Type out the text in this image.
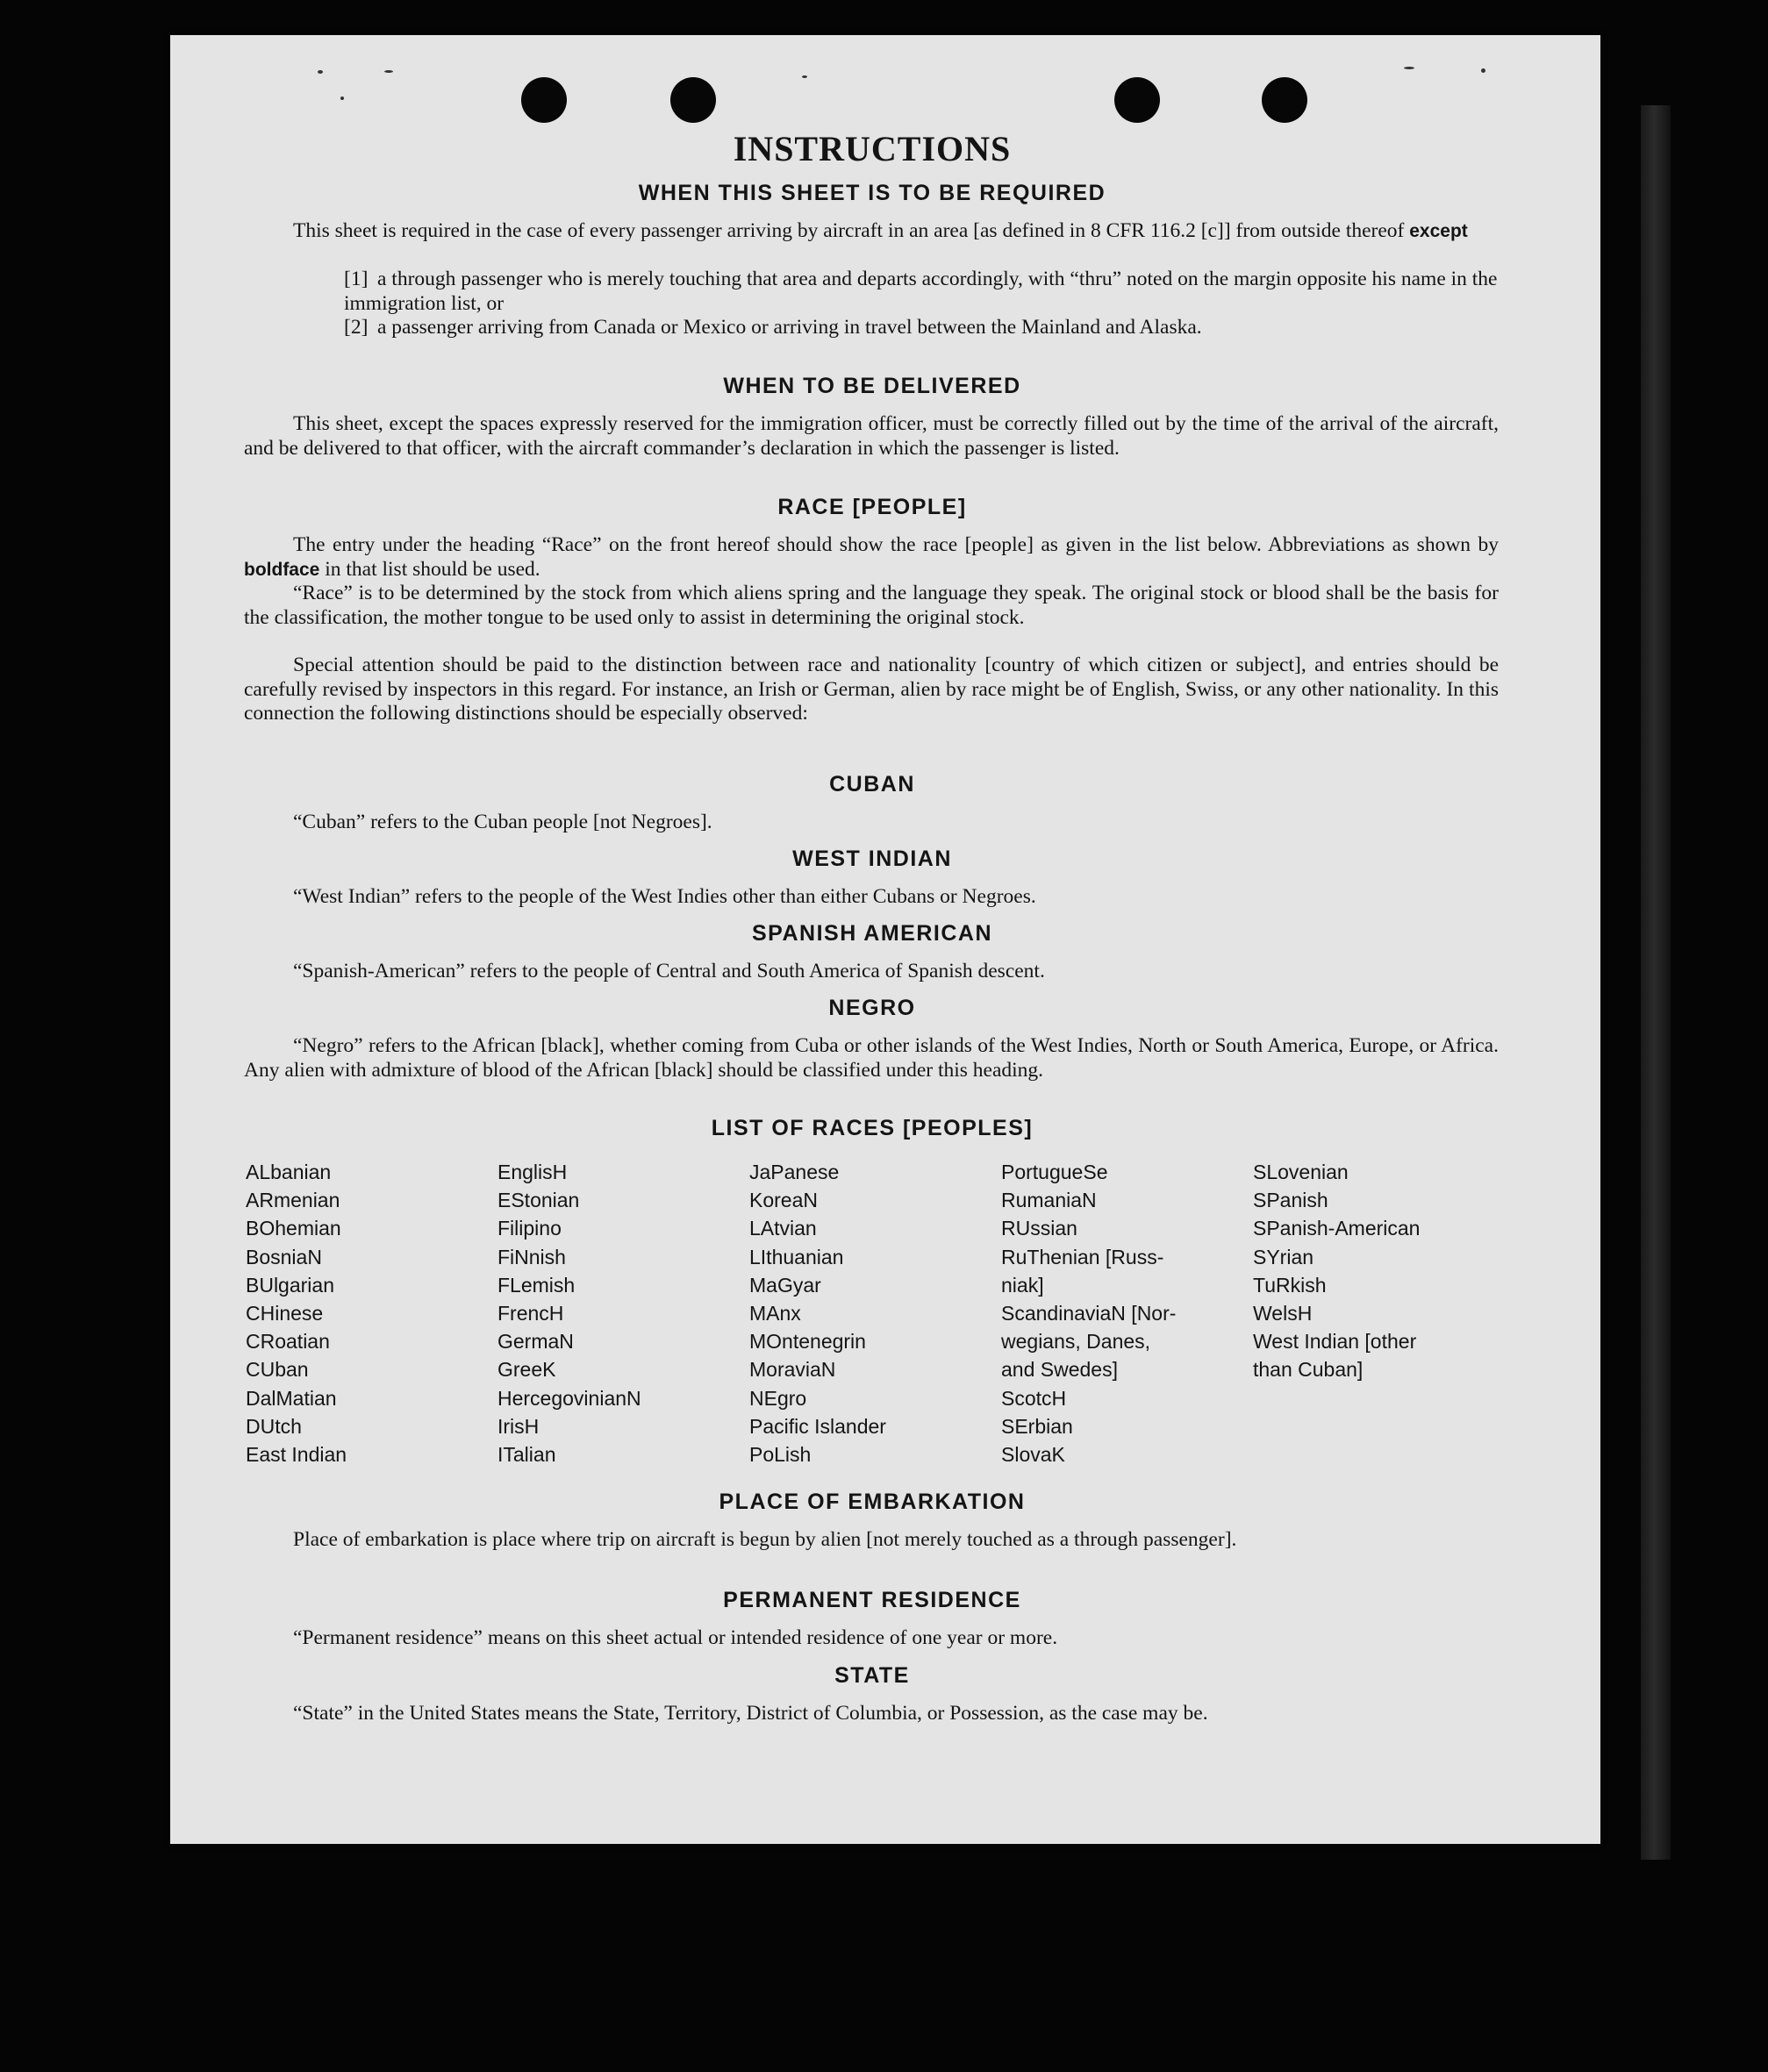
INSTRUCTIONS
WHEN THIS SHEET IS TO BE REQUIRED

This sheet is required in the case of every passenger arriving by aircraft in an area [as defined in 8 CFR 116.2 [c]] from outside thereof except

[1] a through passenger who is merely touching that area and departs accordingly, with “thru” noted on the margin opposite his name in the immigration list, or
[2] a passenger arriving from Canada or Mexico or arriving in travel between the Mainland and Alaska.
WHEN TO BE DELIVERED

This sheet, except the spaces expressly reserved for the immigration officer, must be correctly filled out by the time of the arrival of the aircraft, and be delivered to that officer, with the aircraft commander’s declaration in which the passenger is listed.

RACE [PEOPLE]

The entry under the heading “Race” on the front hereof should show the race [people] as given in the list below. Abbreviations as shown by boldface in that list should be used.

“Race” is to be determined by the stock from which aliens spring and the language they speak. The original stock or blood shall be the basis for the classification, the mother tongue to be used only to assist in determining the original stock.

Special attention should be paid to the distinction between race and nationality [country of which citizen or subject], and entries should be carefully revised by inspectors in this regard. For instance, an Irish or German, alien by race might be of English, Swiss, or any other nationality. In this connection the following distinctions should be especially observed:

CUBAN

“Cuban” refers to the Cuban people [not Negroes].

WEST INDIAN

“West Indian” refers to the people of the West Indies other than either Cubans or Negroes.

SPANISH AMERICAN

“Spanish-American” refers to the people of Central and South America of Spanish descent.

NEGRO

“Negro” refers to the African [black], whether coming from Cuba or other islands of the West Indies, North or South America, Europe, or Africa. Any alien with admixture of blood of the African [black] should be classified under this heading.

LIST OF RACES [PEOPLES]
ALbanian
ARmenian
BOhemian
BosniaN
BUlgarian
CHinese
CRoatian
CUban
DalMatian
DUtch
East Indian
EnglisH
EStonian
Filipino
FiNnish
FLemish
FrencH
GermaN
GreeK
HercegovinianN
IrisH
ITalian
JaPanese
KoreaN
LAtvian
LIthuanian
MaGyar
MAnx
MOntenegrin
MoraviaN
NEgro
Pacific Islander
PoLish
PortugueSe
RumaniaN
RUssian
RuThenian [Russ-
niak]
ScandinaviaN [Nor-
wegians, Danes,
and Swedes]
ScotcH
SErbian
SlovaK
SLovenian
SPanish
SPanish-American
SYrian
TuRkish
WelsH
West Indian [other
than Cuban]
PLACE OF EMBARKATION

Place of embarkation is place where trip on aircraft is begun by alien [not merely touched as a through passenger].

PERMANENT RESIDENCE

“Permanent residence” means on this sheet actual or intended residence of one year or more.

STATE

“State” in the United States means the State, Territory, District of Columbia, or Possession, as the case may be.
